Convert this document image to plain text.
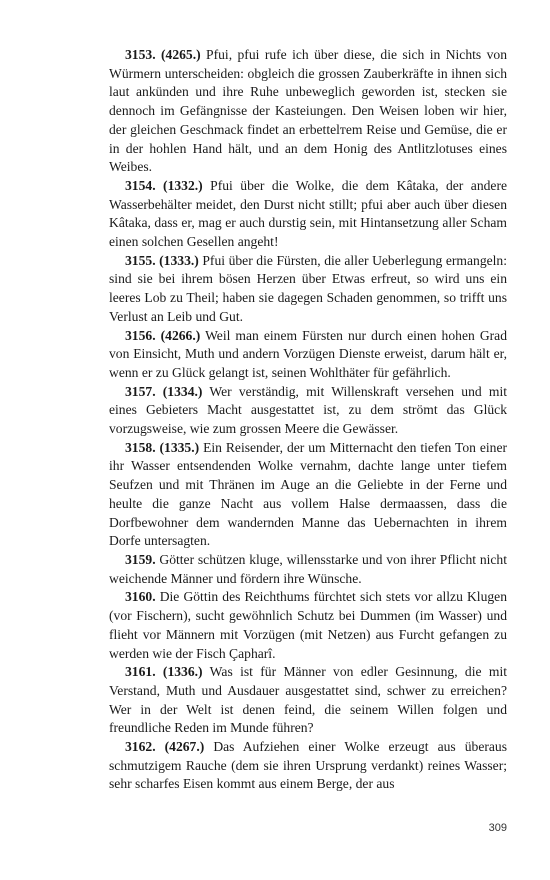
3153. (4265.) Pfui, pfui rufe ich über diese, die sich in Nichts von Würmern unterscheiden: obgleich die grossen Zauberkräfte in ihnen sich laut ankünden und ihre Ruhe unbeweglich geworden ist, stecken sie dennoch im Gefängnisse der Kasteiungen. Den Weisen loben wir hier, der gleichen Geschmack findet an erbettelтem Reise und Gemüse, die er in der hohlen Hand hält, und an dem Honig des Antlitzlotuses eines Weibes.

3154. (1332.) Pfui über die Wolke, die dem Kâtaka, der andere Wasserbehälter meidet, den Durst nicht stillt; pfui aber auch über diesen Kâtaka, dass er, mag er auch durstig sein, mit Hintansetzung aller Scham einen solchen Gesellen angeht!

3155. (1333.) Pfui über die Fürsten, die aller Ueberlegung ermangeln: sind sie bei ihrem bösen Herzen über Etwas erfreut, so wird uns ein leeres Lob zu Theil; haben sie dagegen Schaden genommen, so trifft uns Verlust an Leib und Gut.

3156. (4266.) Weil man einem Fürsten nur durch einen hohen Grad von Einsicht, Muth und andern Vorzügen Dienste erweist, darum hält er, wenn er zu Glück gelangt ist, seinen Wohlthäter für gefährlich.

3157. (1334.) Wer verständig, mit Willenskraft versehen und mit eines Gebieters Macht ausgestattet ist, zu dem strömt das Glück vorzugsweise, wie zum grossen Meere die Gewässer.

3158. (1335.) Ein Reisender, der um Mitternacht den tiefen Ton einer ihr Wasser entsendenden Wolke vernahm, dachte lange unter tiefem Seufzen und mit Thränen im Auge an die Geliebte in der Ferne und heulte die ganze Nacht aus vollem Halse dermaassen, dass die Dorfbewohner dem wandernden Manne das Uebernachten in ihrem Dorfe untersagten.

3159. Götter schützen kluge, willensstarke und von ihrer Pflicht nicht weichende Männer und fördern ihre Wünsche.

3160. Die Göttin des Reichthums fürchtet sich stets vor allzu Klugen (vor Fischern), sucht gewöhnlich Schutz bei Dummen (im Wasser) und flieht vor Männern mit Vorzügen (mit Netzen) aus Furcht gefangen zu werden wie der Fisch Çapharî.

3161. (1336.) Was ist für Männer von edler Gesinnung, die mit Verstand, Muth und Ausdauer ausgestattet sind, schwer zu erreichen? Wer in der Welt ist denen feind, die seinem Willen folgen und freundliche Reden im Munde führen?

3162. (4267.) Das Aufziehen einer Wolke erzeugt aus überaus schmutzigem Rauche (dem sie ihren Ursprung verdankt) reines Wasser; sehr scharfes Eisen kommt aus einem Berge, der aus

309
